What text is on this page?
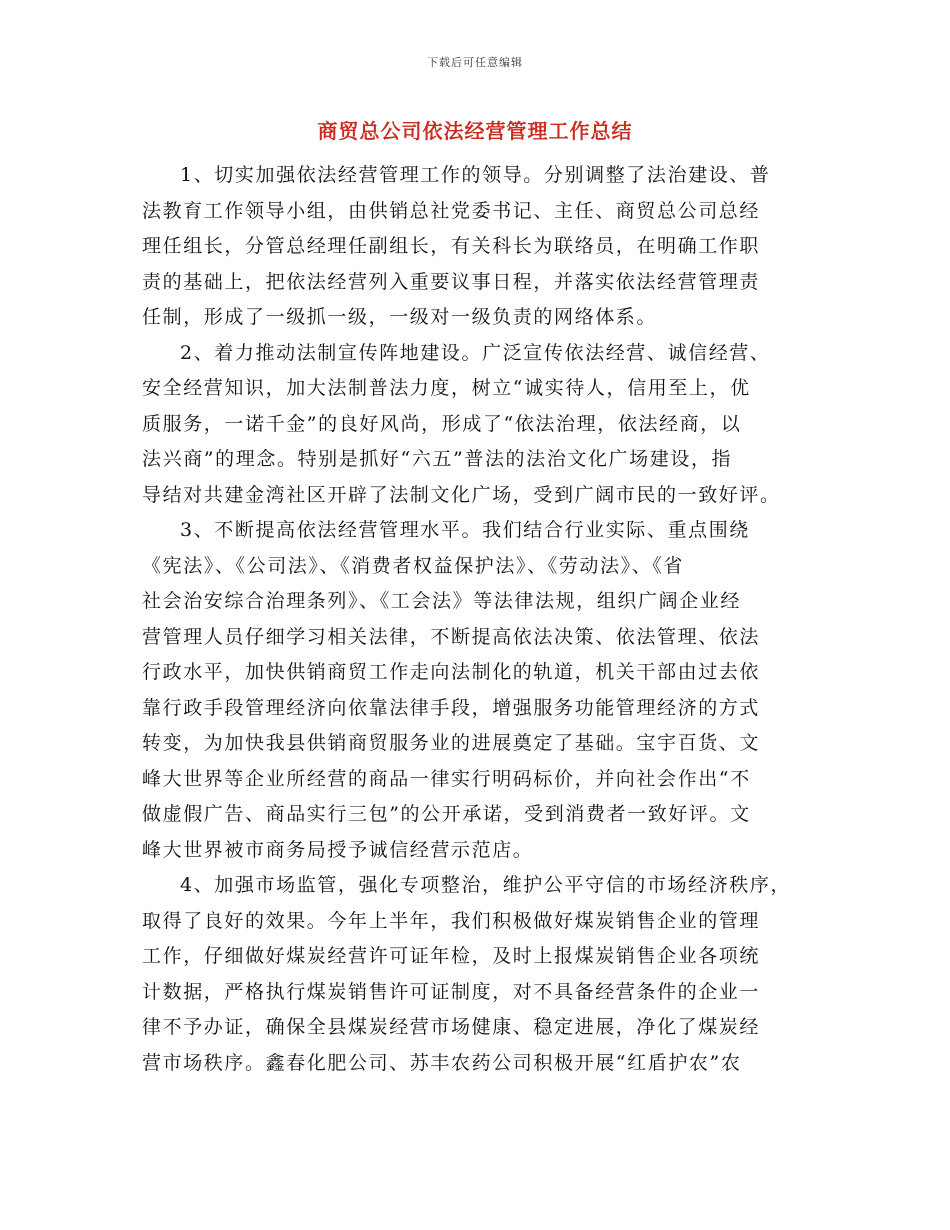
下载后可任意编辑
商贸总公司依法经营管理工作总结
1、切实加强依法经营管理工作的领导。分别调整了法治建设、普
法教育工作领导小组，由供销总社党委书记、主任、商贸总公司总经
理任组长，分管总经理任副组长，有关科长为联络员，在明确工作职
责的基础上，把依法经营列入重要议事日程，并落实依法经营管理责
任制，形成了一级抓一级，一级对一级负责的网络体系。
2、着力推动法制宣传阵地建设。广泛宣传依法经营、诚信经营、
安全经营知识，加大法制普法力度，树立“诚实待人，信用至上，优
质服务，一诺千金”的良好风尚，形成了“依法治理，依法经商，以
法兴商”的理念。特别是抓好“六五”普法的法治文化广场建设，指
导结对共建金湾社区开辟了法制文化广场，受到广阔市民的一致好评。
3、不断提高依法经营管理水平。我们结合行业实际、重点围绕
《宪法》、《公司法》、《消费者权益保护法》、《劳动法》、《省
社会治安综合治理条列》、《工会法》等法律法规，组织广阔企业经
营管理人员仔细学习相关法律，不断提高依法决策、依法管理、依法
行政水平，加快供销商贸工作走向法制化的轨道，机关干部由过去依
靠行政手段管理经济向依靠法律手段，增强服务功能管理经济的方式
转变，为加快我县供销商贸服务业的进展奠定了基础。宝宇百货、文
峰大世界等企业所经营的商品一律实行明码标价，并向社会作出“不
做虚假广告、商品实行三包”的公开承诺，受到消费者一致好评。文
峰大世界被市商务局授予诚信经营示范店。
4、加强市场监管，强化专项整治，维护公平守信的市场经济秩序，
取得了良好的效果。今年上半年，我们积极做好煤炭销售企业的管理
工作，仔细做好煤炭经营许可证年检，及时上报煤炭销售企业各项统
计数据，严格执行煤炭销售许可证制度，对不具备经营条件的企业一
律不予办证，确保全县煤炭经营市场健康、稳定进展，净化了煤炭经
营市场秩序。鑫春化肥公司、苏丰农药公司积极开展“红盾护农”农
